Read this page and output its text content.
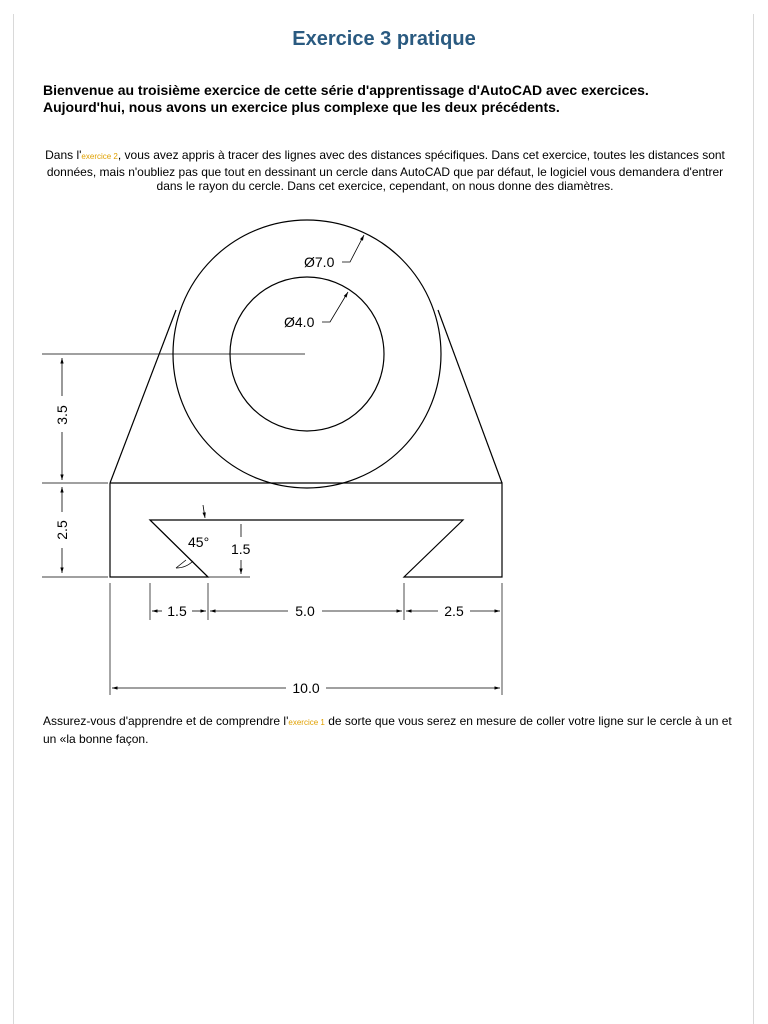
Exercice 3 pratique
Bienvenue au troisième exercice de cette série d'apprentissage d'AutoCAD avec exercices.
Aujourd'hui, nous avons un exercice plus complexe que les deux précédents.
Dans l'exercice 2, vous avez appris à tracer des lignes avec des distances spécifiques. Dans cet exercice, toutes les distances sont données, mais n'oubliez pas que tout en dessinant un cercle dans AutoCAD que par défaut, le logiciel vous demandera d'entrer dans le rayon du cercle. Dans cet exercice, cependant, on nous donne des diamètres.
Ø7.0
Ø4.0
3.5
2.5
45° 1.5
1.5	5.0	2.5
10.0
Assurez-vous d'apprendre et de comprendre l'exercice 1 de sorte que vous serez en mesure de coller votre ligne sur le cercle à un et un «la bonne façon.
